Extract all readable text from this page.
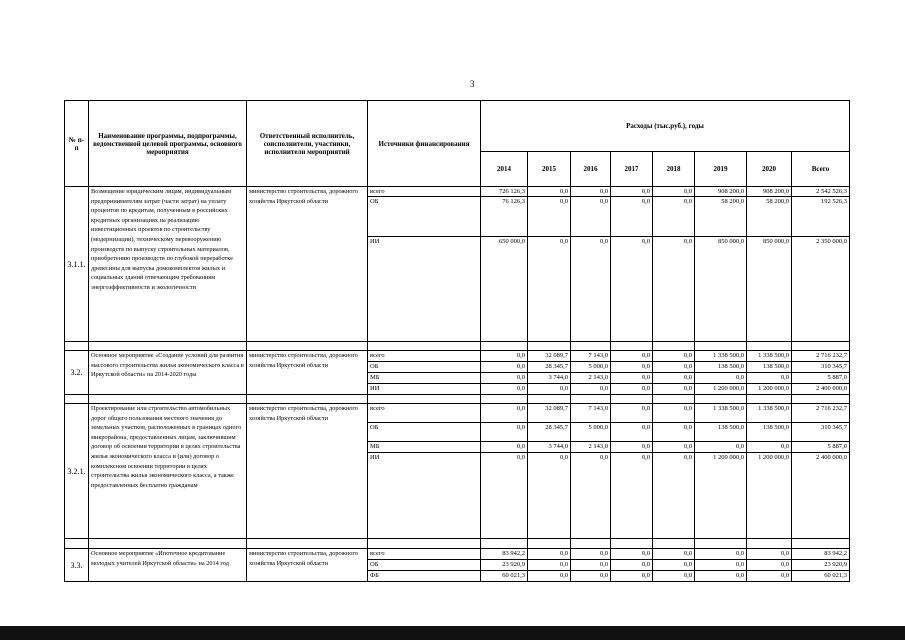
3
№ п-п	Наименование программы, подпрограммы, ведомственной целевой программы, основного мероприятия	Ответственный исполнитель, соисполнители, участники, исполнители мероприятий	Источники финансирования	Расходы (тыс.руб.), годы							
				2014	2015	2016	2017	2018	2019	2020	Всего
3.1.1.	Возмещение юридическим лицам, индивидуальным предпринимателям затрат (части затрат) на уплату процентов по кредитам, полученным в российских кредитных организациях на реализацию инвестиционных проектов по строительству (модернизации), техническому перевооружению производств по выпуску строительных материалов, приобретению производств по глубокой переработке древесины для выпуска домокомплектов жилых и социальных зданий отвечающим требованиям энергоэффективности и экологичности	министерство строительства, дорожного хозяйства Иркутской области	всего	726 126,3	0,0	0,0	0,0	0,0	908 200,0	908 200,0	2 542 526,3
			ОБ	76 126,3	0,0	0,0	0,0	0,0	58 200,0	58 200,0	192 526,3
			ИИ	650 000,0	0,0	0,0	0,0	0,0	850 000,0	850 000,0	2 350 000,0

3.2.	Основное мероприятие «Создание условий для развития массового строительства жилья экономического класса в Иркутской области» на 2014-2020 годы	министерство строительства, дорожного хозяйства Иркутской области	всего	0,0	32 089,7	7 143,0	0,0	0,0	1 338 500,0	1 338 500,0	2 716 232,7
			ОБ	0,0	28 345,7	5 000,0	0,0	0,0	138 500,0	138 500,0	310 345,7
			МБ	0,0	3 744,0	2 143,0	0,0	0,0	0,0	0,0	5 887,0
			ИИ	0,0	0,0	0,0	0,0	0,0	1 200 000,0	1 200 000,0	2 400 000,0

3.2.1.	Проектирование или строительство автомобильных дорог общего пользования местного значения до земельных участков, расположенных в границах одного микрорайона, предоставленных лицам, заключившим договор об освоении территории в целях строительства жилья экономического класса и (или) договор о комплексном освоении территории в целях строительства жилья экономического класса, а также предоставленных бесплатно гражданам	министерство строительства, дорожного хозяйства Иркутской области	всего	0,0	32 089,7	7 143,0	0,0	0,0	1 338 500,0	1 338 500,0	2 716 232,7
			ОБ	0,0	28 345,7	5 000,0	0,0	0,0	138 500,0	138 500,0	310 345,7
			МБ	0,0	3 744,0	2 143,0	0,0	0,0	0,0	0,0	5 887,0
			ИИ	0,0	0,0	0,0	0,0	0,0	1 200 000,0	1 200 000,0	2 400 000,0

3.3.	Основное мероприятие «Ипотечное кредитование молодых учителей Иркутской области» на 2014 год	министерство строительства, дорожного хозяйства Иркутской области	всего	83 942,2	0,0	0,0	0,0	0,0	0,0	0,0	83 942,2
			ОБ	23 920,9	0,0	0,0	0,0	0,0	0,0	0,0	23 920,9
			ФБ	60 021,3	0,0	0,0	0,0	0,0	0,0	0,0	60 021,3
